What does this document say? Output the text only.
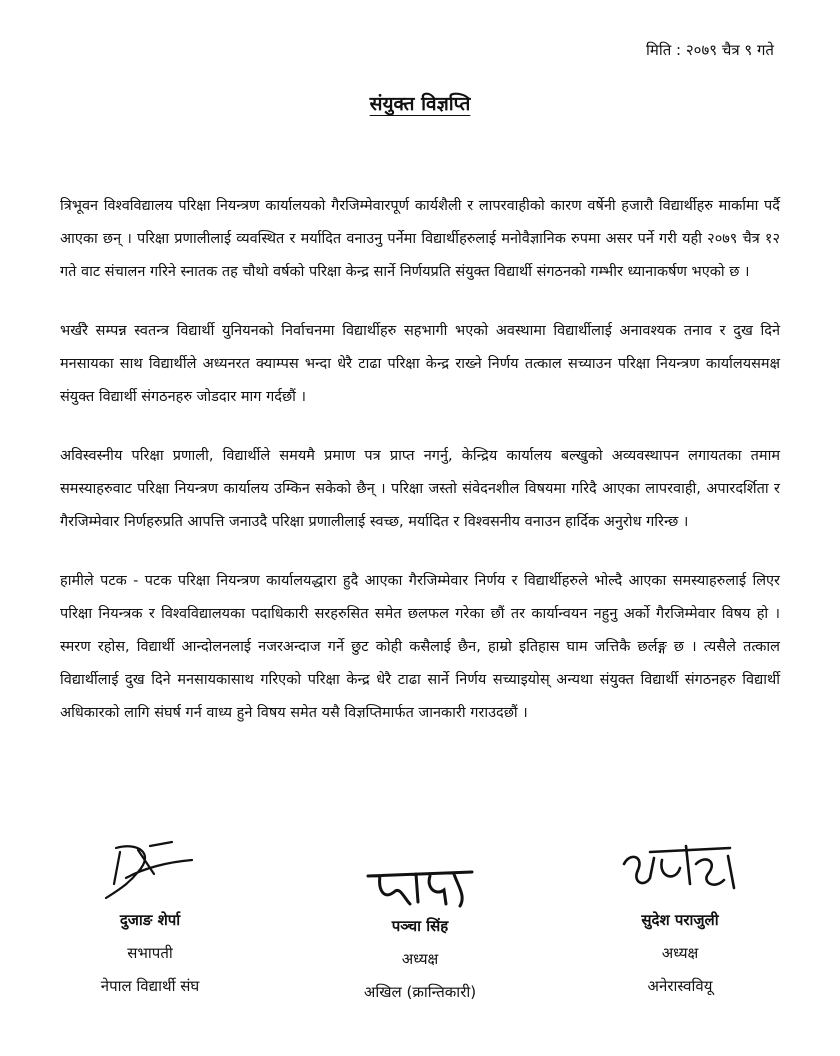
मिति : २०७९ चैत्र ९ गते
संयुक्त विज्ञप्ति

त्रिभूवन विश्वविद्यालय परिक्षा नियन्त्रण कार्यालयको गैरजिम्मेवारपूर्ण कार्यशैली र लापरवाहीको कारण वर्षेनी हजारौ विद्यार्थीहरु मार्कामा पर्दै आएका छन् । परिक्षा प्रणालीलाई व्यवस्थित र मर्यादित वनाउनु पर्नेमा विद्यार्थीहरुलाई मनोवैज्ञानिक रुपमा असर पर्ने गरी यही २०७९ चैत्र १२ गते वाट संचालन गरिने स्नातक तह चौथो वर्षको परिक्षा केन्द्र सार्ने निर्णयप्रति संयुक्त विद्यार्थी संगठनको गम्भीर ध्यानाकर्षण भएको छ ।

भर्खरै सम्पन्न स्वतन्त्र विद्यार्थी युनियनको निर्वाचनमा विद्यार्थीहरु सहभागी भएको अवस्थामा विद्यार्थीलाई अनावश्यक तनाव र दुख दिने मनसायका साथ विद्यार्थीले अध्यनरत क्याम्पस भन्दा धेरै टाढा परिक्षा केन्द्र राख्ने निर्णय तत्काल सच्याउन परिक्षा नियन्त्रण कार्यालयसमक्ष संयुक्त विद्यार्थी संगठनहरु जोडदार माग गर्दछौं ।

अविस्वस्नीय परिक्षा प्रणाली, विद्यार्थीले समयमै प्रमाण पत्र प्राप्त नगर्नु, केन्द्रिय कार्यालय बल्खुको अव्यवस्थापन लगायतका तमाम समस्याहरुवाट परिक्षा नियन्त्रण कार्यालय उम्किन सकेको छैन् । परिक्षा जस्तो संवेदनशील विषयमा गरिदै आएका लापरवाही, अपारदर्शिता र गैरजिम्मेवार निर्णहरुप्रति आपत्ति जनाउदै परिक्षा प्रणालीलाई स्वच्छ, मर्यादित र विश्वसनीय वनाउन हार्दिक अनुरोध गरिन्छ ।

हामीले पटक - पटक परिक्षा नियन्त्रण कार्यालयद्धारा हुदै आएका गैरजिम्मेवार निर्णय र विद्यार्थीहरुले भोल्दै आएका समस्याहरुलाई लिएर परिक्षा नियन्त्रक र विश्वविद्यालयका पदाधिकारी सरहरुसित समेत छलफल गरेका छौं तर कार्यान्वयन नहुनु अर्को गैरजिम्मेवार विषय हो । स्मरण रहोस, विद्यार्थी आन्दोलनलाई नजरअन्दाज गर्ने छुट कोही कसैलाई छैन, हाम्रो इतिहास घाम जत्तिकै छर्लङ्ग छ । त्यसैले तत्काल विद्यार्थीलाई दुख दिने मनसायकासाथ गरिएको परिक्षा केन्द्र धेरै टाढा सार्ने निर्णय सच्याइयोस् अन्यथा संयुक्त विद्यार्थी संगठनहरु विद्यार्थी अधिकारको लागि संघर्ष गर्न वाध्य हुने विषय समेत यसै विज्ञप्तिमार्फत जानकारी गराउदछौं ।

दुजाङ शेर्पा
सभापती
नेपाल विद्यार्थी संघ
पञ्चा सिंह
अध्यक्ष
अखिल (क्रान्तिकारी)
सुदेश पराजुली
अध्यक्ष
अनेरास्ववियू
